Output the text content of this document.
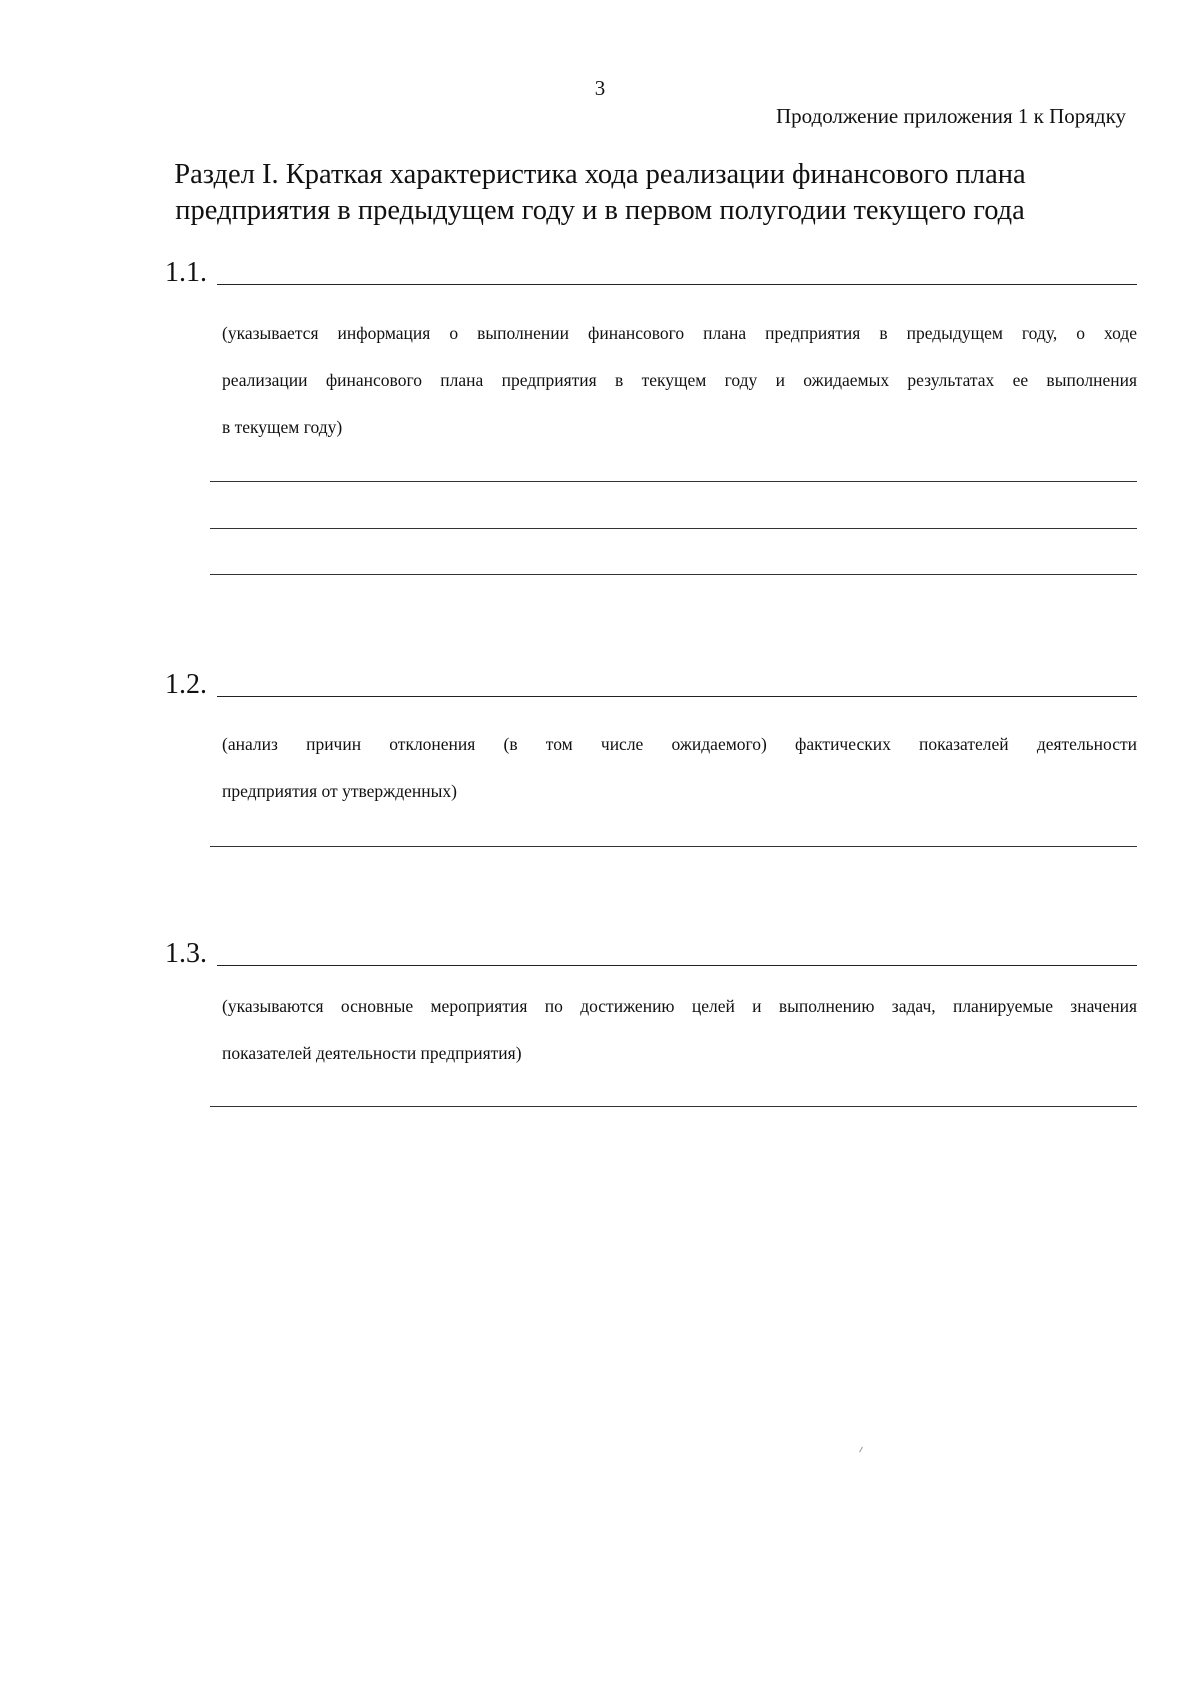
3
Продолжение приложения 1 к Порядку
Раздел I. Краткая характеристика хода реализации финансового плана
предприятия в предыдущем году и в первом полугодии текущего года
1.1.
(указывается информация о выполнении финансового плана предприятия в предыдущем году, о ходе
реализации финансового плана предприятия в текущем году и ожидаемых результатах ее выполнения
в текущем году)
1.2.
(анализ причин отклонения (в том числе ожидаемого) фактических показателей деятельности
предприятия от утвержденных)
1.3.
(указываются основные мероприятия по достижению целей и выполнению задач, планируемые значения
показателей деятельности предприятия)
